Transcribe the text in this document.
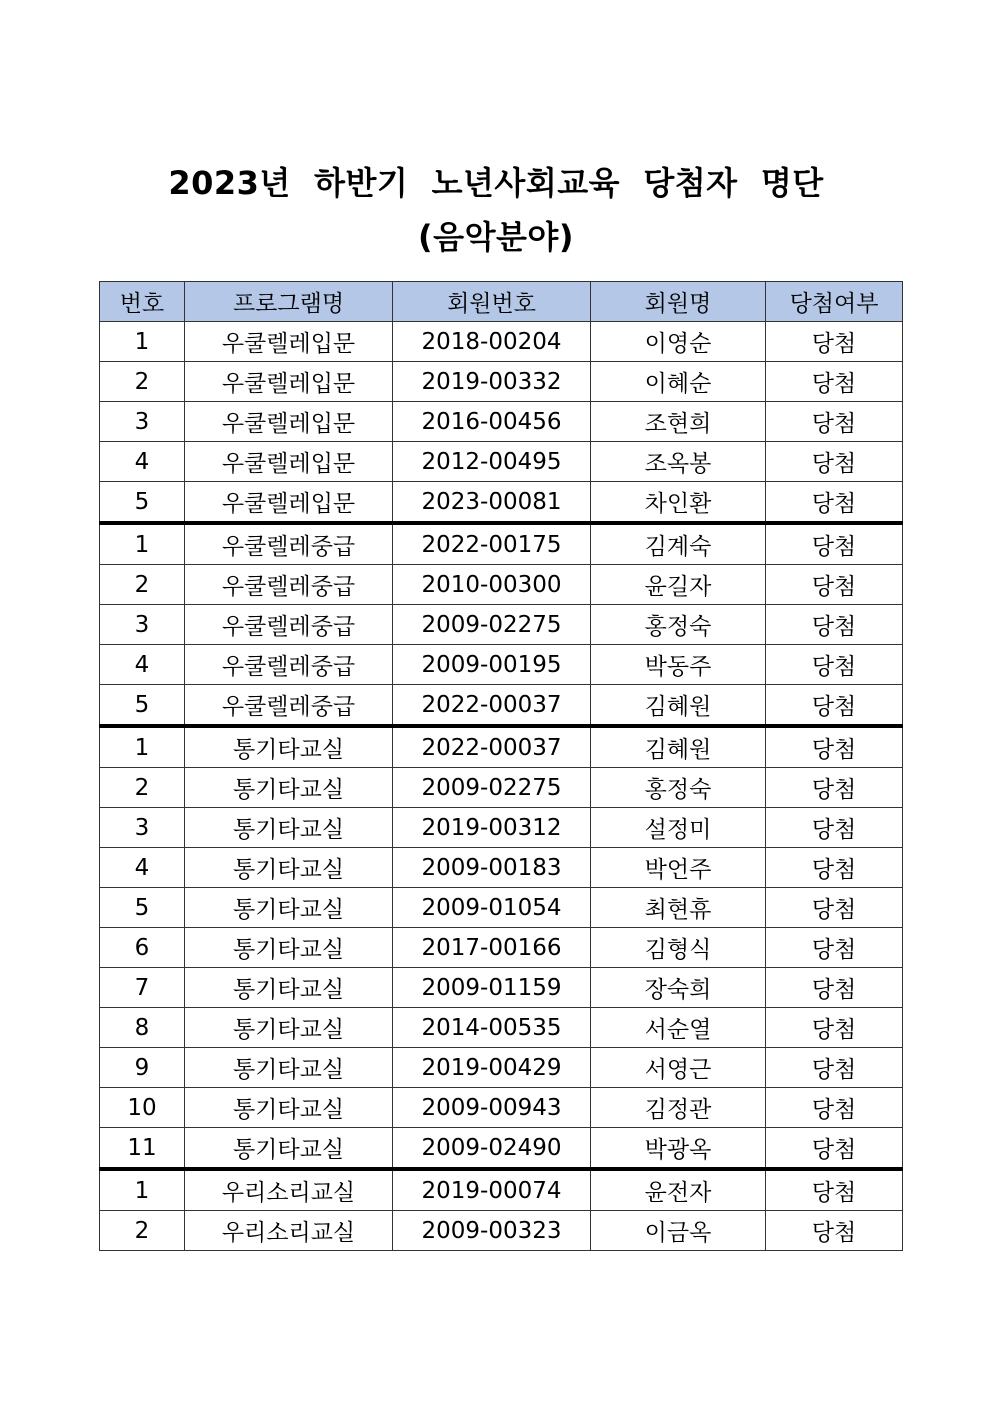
2023년  하반기  노년사회교육  당첨자  명단
(음악분야)
번호	프로그램명	회원번호	회원명	당첨여부
1	우쿨렐레입문	2018-00204	이영순	당첨
2	우쿨렐레입문	2019-00332	이혜순	당첨
3	우쿨렐레입문	2016-00456	조현희	당첨
4	우쿨렐레입문	2012-00495	조옥봉	당첨
5	우쿨렐레입문	2023-00081	차인환	당첨
1	우쿨렐레중급	2022-00175	김계숙	당첨
2	우쿨렐레중급	2010-00300	윤길자	당첨
3	우쿨렐레중급	2009-02275	홍정숙	당첨
4	우쿨렐레중급	2009-00195	박동주	당첨
5	우쿨렐레중급	2022-00037	김혜원	당첨
1	통기타교실	2022-00037	김혜원	당첨
2	통기타교실	2009-02275	홍정숙	당첨
3	통기타교실	2019-00312	설정미	당첨
4	통기타교실	2009-00183	박언주	당첨
5	통기타교실	2009-01054	최현휴	당첨
6	통기타교실	2017-00166	김형식	당첨
7	통기타교실	2009-01159	장숙희	당첨
8	통기타교실	2014-00535	서순열	당첨
9	통기타교실	2019-00429	서영근	당첨
10	통기타교실	2009-00943	김정관	당첨
11	통기타교실	2009-02490	박광옥	당첨
1	우리소리교실	2019-00074	윤전자	당첨
2	우리소리교실	2009-00323	이금옥	당첨
